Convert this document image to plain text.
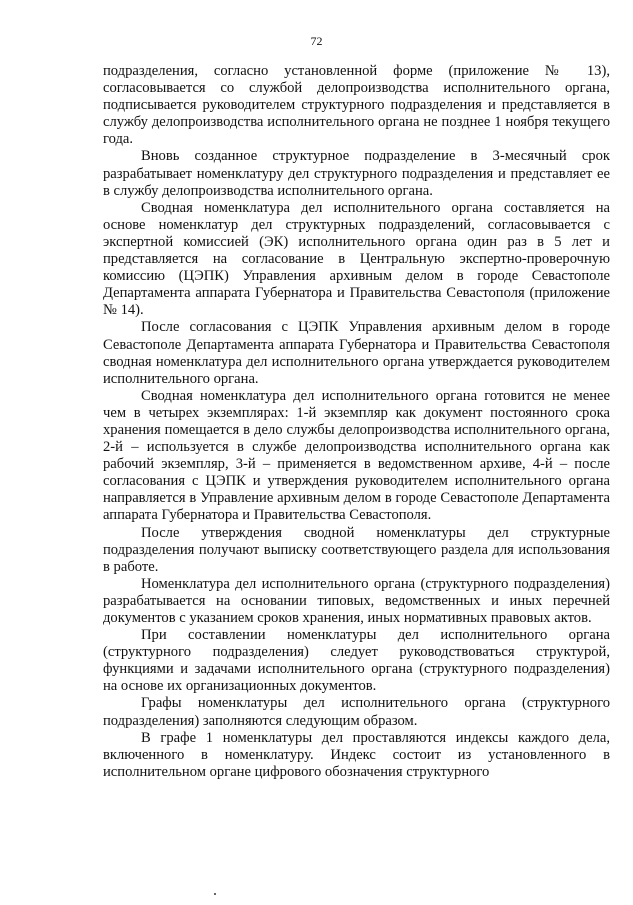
72

подразделения, согласно установленной форме (приложение № 13), согласовывается со службой делопроизводства исполнительного органа, подписывается руководителем структурного подразделения и представляется в службу делопроизводства исполнительного органа не позднее 1 ноября текущего года.

Вновь созданное структурное подразделение в 3-месячный срок разрабатывает номенклатуру дел структурного подразделения и представляет ее в службу делопроизводства исполнительного органа.

Сводная номенклатура дел исполнительного органа составляется на основе номенклатур дел структурных подразделений, согласовывается с экспертной комиссией (ЭК) исполнительного органа один раз в 5 лет и представляется на согласование в Центральную экспертно-проверочную комиссию (ЦЭПК) Управления архивным делом в городе Севастополе Департамента аппарата Губернатора и Правительства Севастополя (приложение № 14).

После согласования с ЦЭПК Управления архивным делом в городе Севастополе Департамента аппарата Губернатора и Правительства Севастополя сводная номенклатура дел исполнительного органа утверждается руководителем исполнительного органа.

Сводная номенклатура дел исполнительного органа готовится не менее чем в четырех экземплярах: 1-й экземпляр как документ постоянного срока хранения помещается в дело службы делопроизводства исполнительного органа, 2-й – используется в службе делопроизводства исполнительного органа как рабочий экземпляр, 3-й – применяется в ведомственном архиве, 4-й – после согласования с ЦЭПК и утверждения руководителем исполнительного органа направляется в Управление архивным делом в городе Севастополе Департамента аппарата Губернатора и Правительства Севастополя.

После утверждения сводной номенклатуры дел структурные подразделения получают выписку соответствующего раздела для использования в работе.

Номенклатура дел исполнительного органа (структурного подразделения) разрабатывается на основании типовых, ведомственных и иных перечней документов с указанием сроков хранения, иных нормативных правовых актов.

При составлении номенклатуры дел исполнительного органа (структурного подразделения) следует руководствоваться структурой, функциями и задачами исполнительного органа (структурного подразделения) на основе их организационных документов.

Графы номенклатуры дел исполнительного органа (структурного подразделения) заполняются следующим образом.

В графе 1 номенклатуры дел проставляются индексы каждого дела, включенного в номенклатуру. Индекс состоит из установленного в исполнительном органе цифрового обозначения структурного
